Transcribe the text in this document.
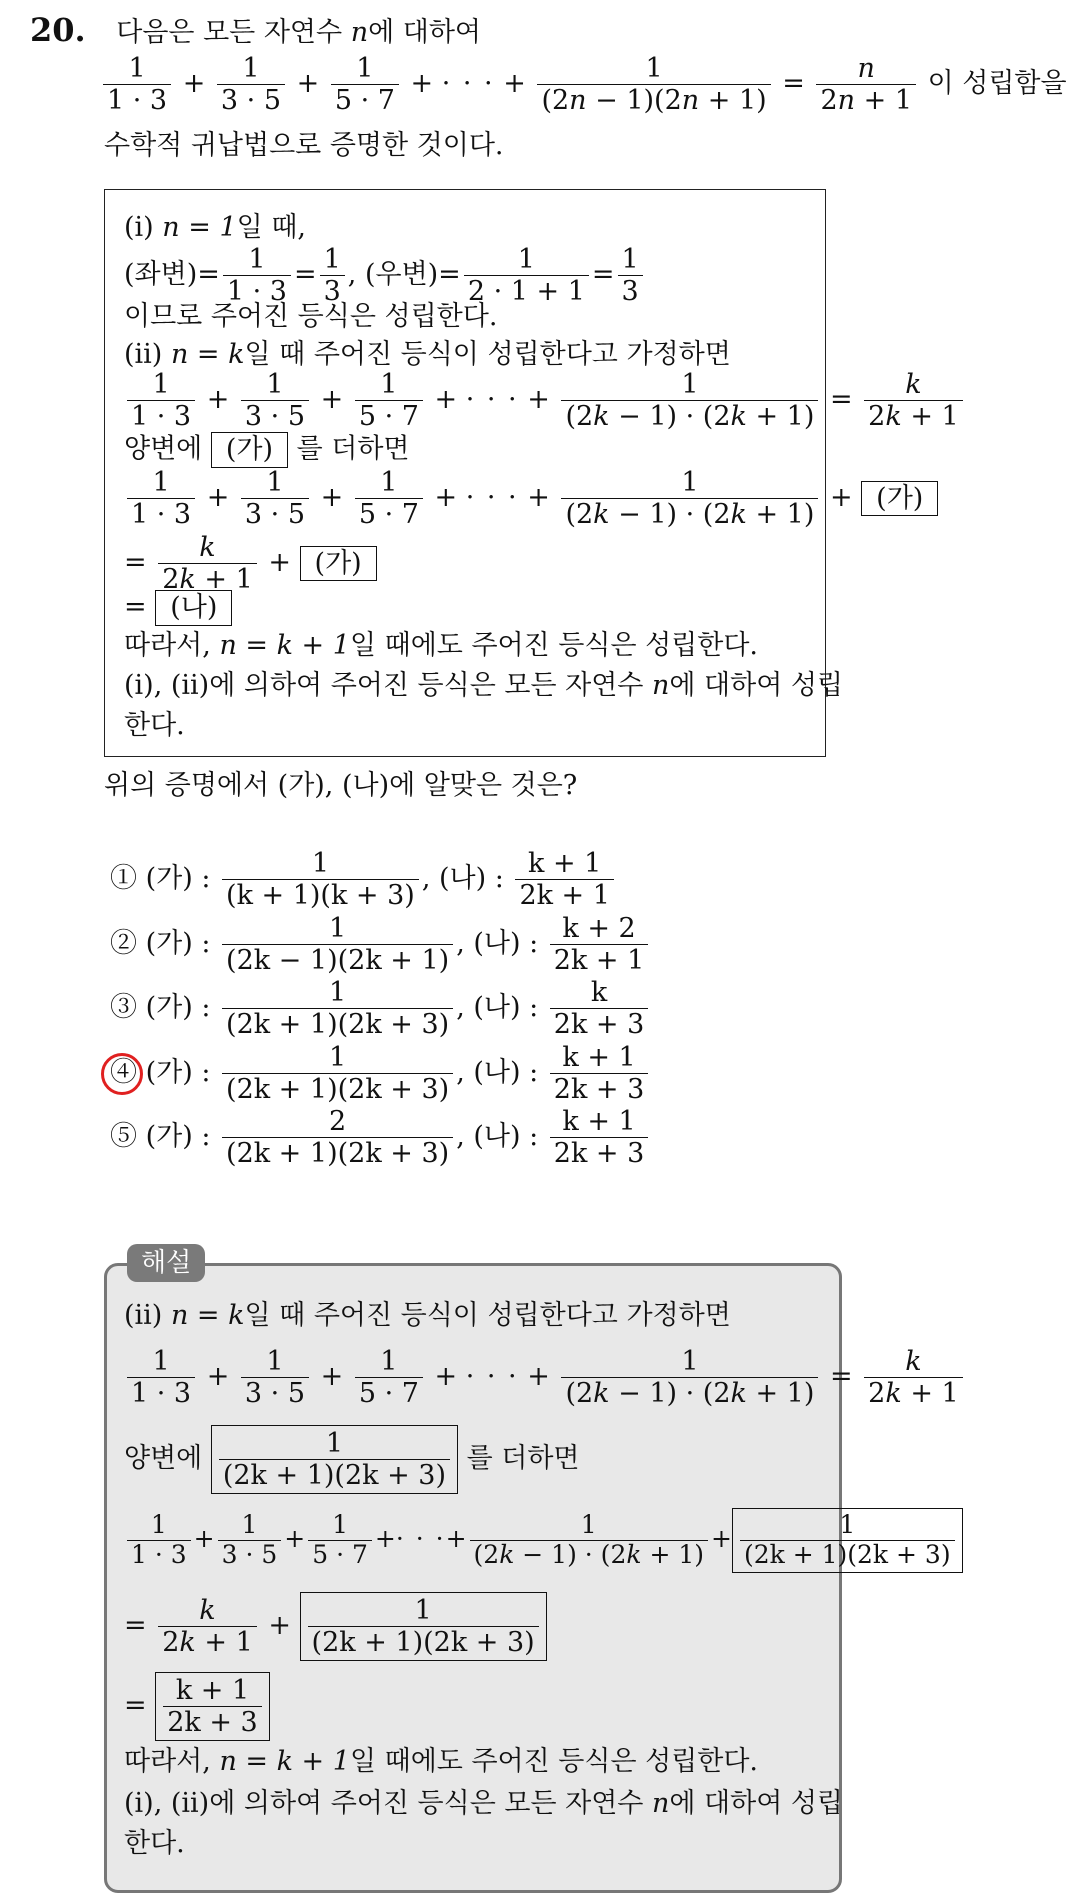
20. 다음은 모든 자연수 n에 대하여
$\frac{1}{1 \cdot 3} + \frac{1}{3 \cdot 5} + \frac{1}{5 \cdot 7}$ + · · · + $\frac{1}{(2n - 1)(2n + 1)} = \frac{n}{2n + 1}$ 이 성립함을
수학적 귀납법으로 증명한 것이다.
(i) n = 1일 때,
(좌변)= $\frac{1}{1 \cdot 3} = \frac{1}{3}$ , (우변)= $\frac{1}{2 \cdot 1 + 1} = \frac{1}{3}$
이므로 주어진 등식은 성립한다.
(ii) n = k일 때 주어진 등식이 성립한다고 가정하면
$\frac{1}{1 \cdot 3} + \frac{1}{3 \cdot 5} + \frac{1}{5 \cdot 7}$ + · · · + $\frac{1}{(2k - 1) \cdot (2k + 1)} = \frac{k}{2k + 1}$
양변에 (가) 를 더하면
$\frac{1}{1 \cdot 3} + \frac{1}{3 \cdot 5} + \frac{1}{5 \cdot 7}$ + · · · + $\frac{1}{(2k - 1) \cdot (2k + 1)}$ + (가)
= $\frac{k}{2k + 1}$ + (가)
= (나)
따라서, n = k + 1일 때에도 주어진 등식은 성립한다.
(i), (ii)에 의하여 주어진 등식은 모든 자연수 n에 대하여 성립
한다.
위의 증명에서 (가), (나)에 알맞은 것은?
① (가) : $\frac{1}{(k + 1)(k + 3)}$ , (나) : $\frac{k + 1}{2k + 1}$
② (가) : $\frac{1}{(2k - 1)(2k + 1)}$ , (나) : $\frac{k + 2}{2k + 1}$
③ (가) : $\frac{1}{(2k + 1)(2k + 3)}$ , (나) : $\frac{k}{2k + 3}$
④ (가) : $\frac{1}{(2k + 1)(2k + 3)}$ , (나) : $\frac{k + 1}{2k + 3}$
⑤ (가) : $\frac{2}{(2k + 1)(2k + 3)}$ , (나) : $\frac{k + 1}{2k + 3}$
해설
(ii) n = k일 때 주어진 등식이 성립한다고 가정하면
$\frac{1}{1 \cdot 3} + \frac{1}{3 \cdot 5} + \frac{1}{5 \cdot 7}$ + · · · + $\frac{1}{(2k - 1) \cdot (2k + 1)} = \frac{k}{2k + 1}$
양변에 $\frac{1}{(2k + 1)(2k + 3)}$ 를 더하면
$\frac{1}{1 \cdot 3} + \frac{1}{3 \cdot 5} + \frac{1}{5 \cdot 7}$ +· · ·+ $\frac{1}{(2k - 1) \cdot (2k + 1)} + \frac{1}{(2k + 1)(2k + 3)}$
= $\frac{k}{2k + 1} + \frac{1}{(2k + 1)(2k + 3)}$
= $\frac{k + 1}{2k + 3}$
따라서, n = k + 1일 때에도 주어진 등식은 성립한다.
(i), (ii)에 의하여 주어진 등식은 모든 자연수 n에 대하여 성립
한다.
